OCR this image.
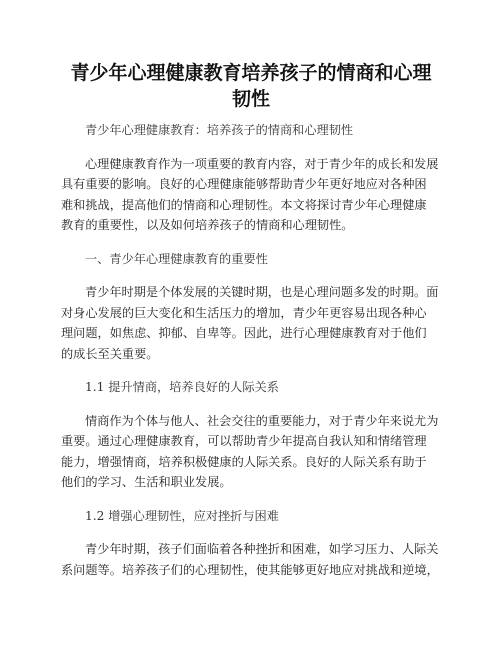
青少年心理健康教育培养孩子的情商和心理
韧性
青少年心理健康教育：培养孩子的情商和心理韧性
心理健康教育作为一项重要的教育内容，对于青少年的成长和发展
具有重要的影响。良好的心理健康能够帮助青少年更好地应对各种困
难和挑战，提高他们的情商和心理韧性。本文将探讨青少年心理健康
教育的重要性，以及如何培养孩子的情商和心理韧性。
一、青少年心理健康教育的重要性
青少年时期是个体发展的关键时期，也是心理问题多发的时期。面
对身心发展的巨大变化和生活压力的增加，青少年更容易出现各种心
理问题，如焦虑、抑郁、自卑等。因此，进行心理健康教育对于他们
的成长至关重要。
1.1 提升情商，培养良好的人际关系
情商作为个体与他人、社会交往的重要能力，对于青少年来说尤为
重要。通过心理健康教育，可以帮助青少年提高自我认知和情绪管理
能力，增强情商，培养积极健康的人际关系。良好的人际关系有助于
他们的学习、生活和职业发展。
1.2 增强心理韧性，应对挫折与困难
青少年时期，孩子们面临着各种挫折和困难，如学习压力、人际关
系问题等。培养孩子们的心理韧性，使其能够更好地应对挑战和逆境，
